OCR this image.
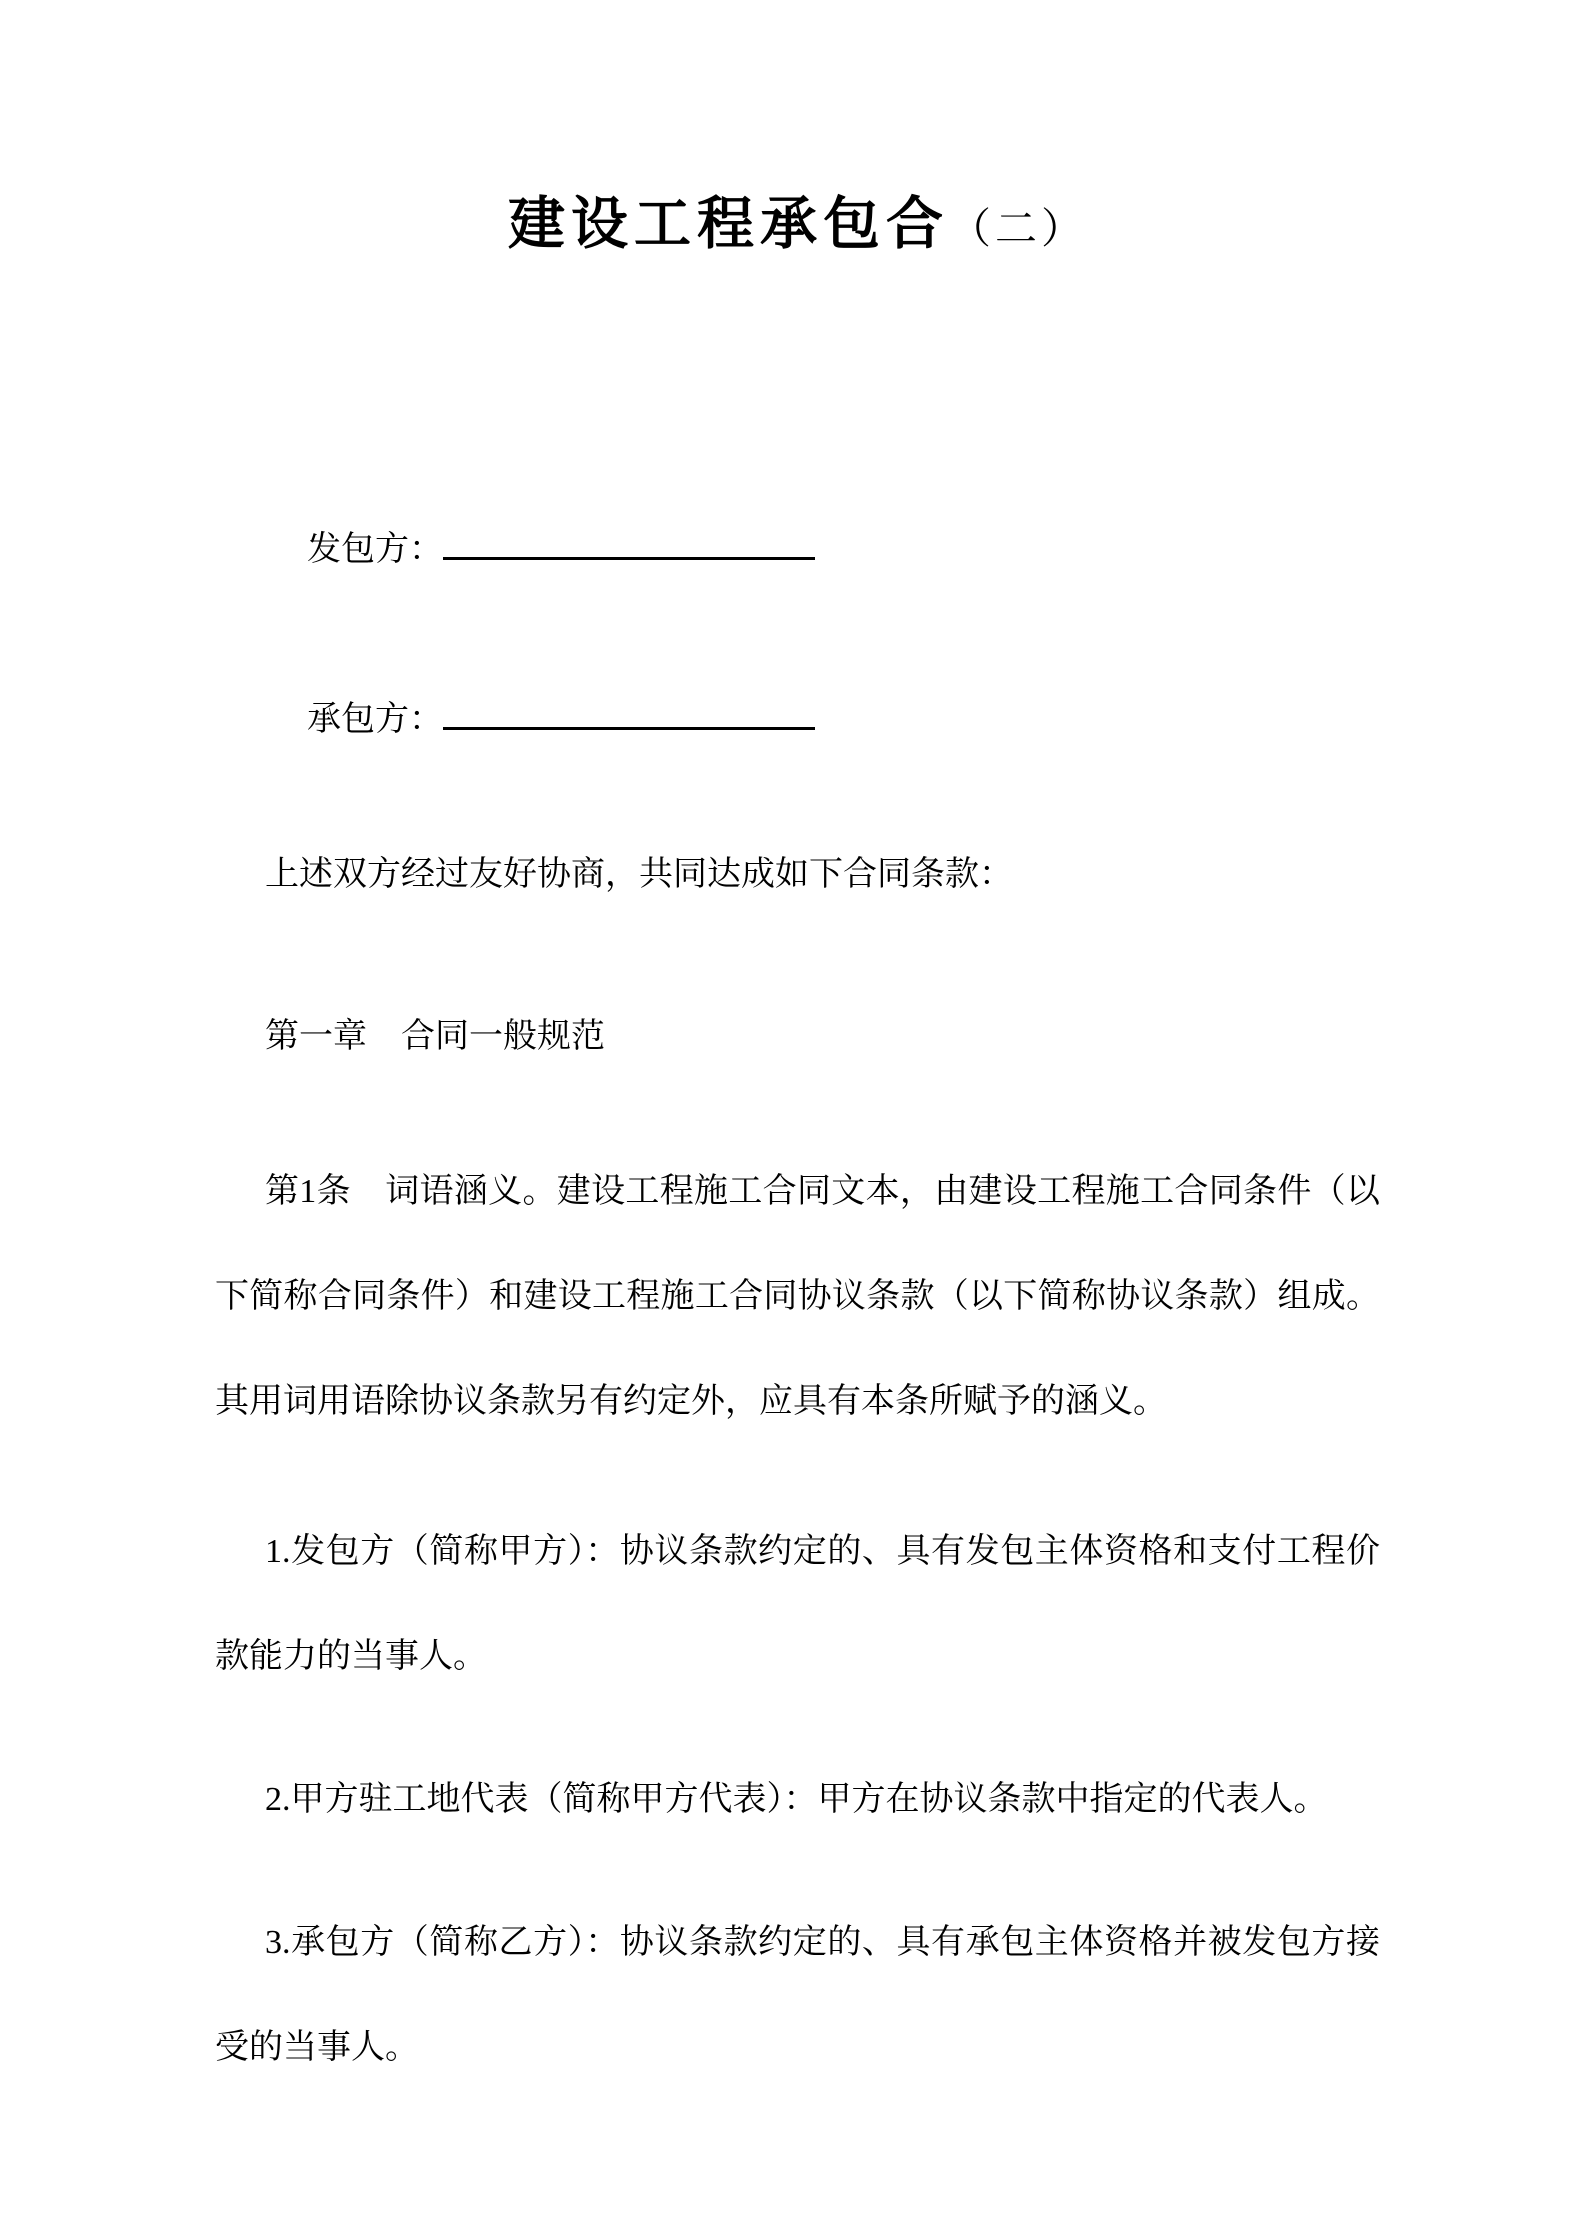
建设工程承包合（二）
发包方：
承包方：

上述双方经过友好协商，共同达成如下合同条款：

第一章　合同一般规范

第1条　词语涵义。建设工程施工合同文本，由建设工程施工合同条件（以下简称合同条件）和建设工程施工合同协议条款（以下简称协议条款）组成。其用词用语除协议条款另有约定外，应具有本条所赋予的涵义。

1.发包方（简称甲方）：协议条款约定的、具有发包主体资格和支付工程价款能力的当事人。

2.甲方驻工地代表（简称甲方代表）：甲方在协议条款中指定的代表人。

3.承包方（简称乙方）：协议条款约定的、具有承包主体资格并被发包方接受的当事人。
